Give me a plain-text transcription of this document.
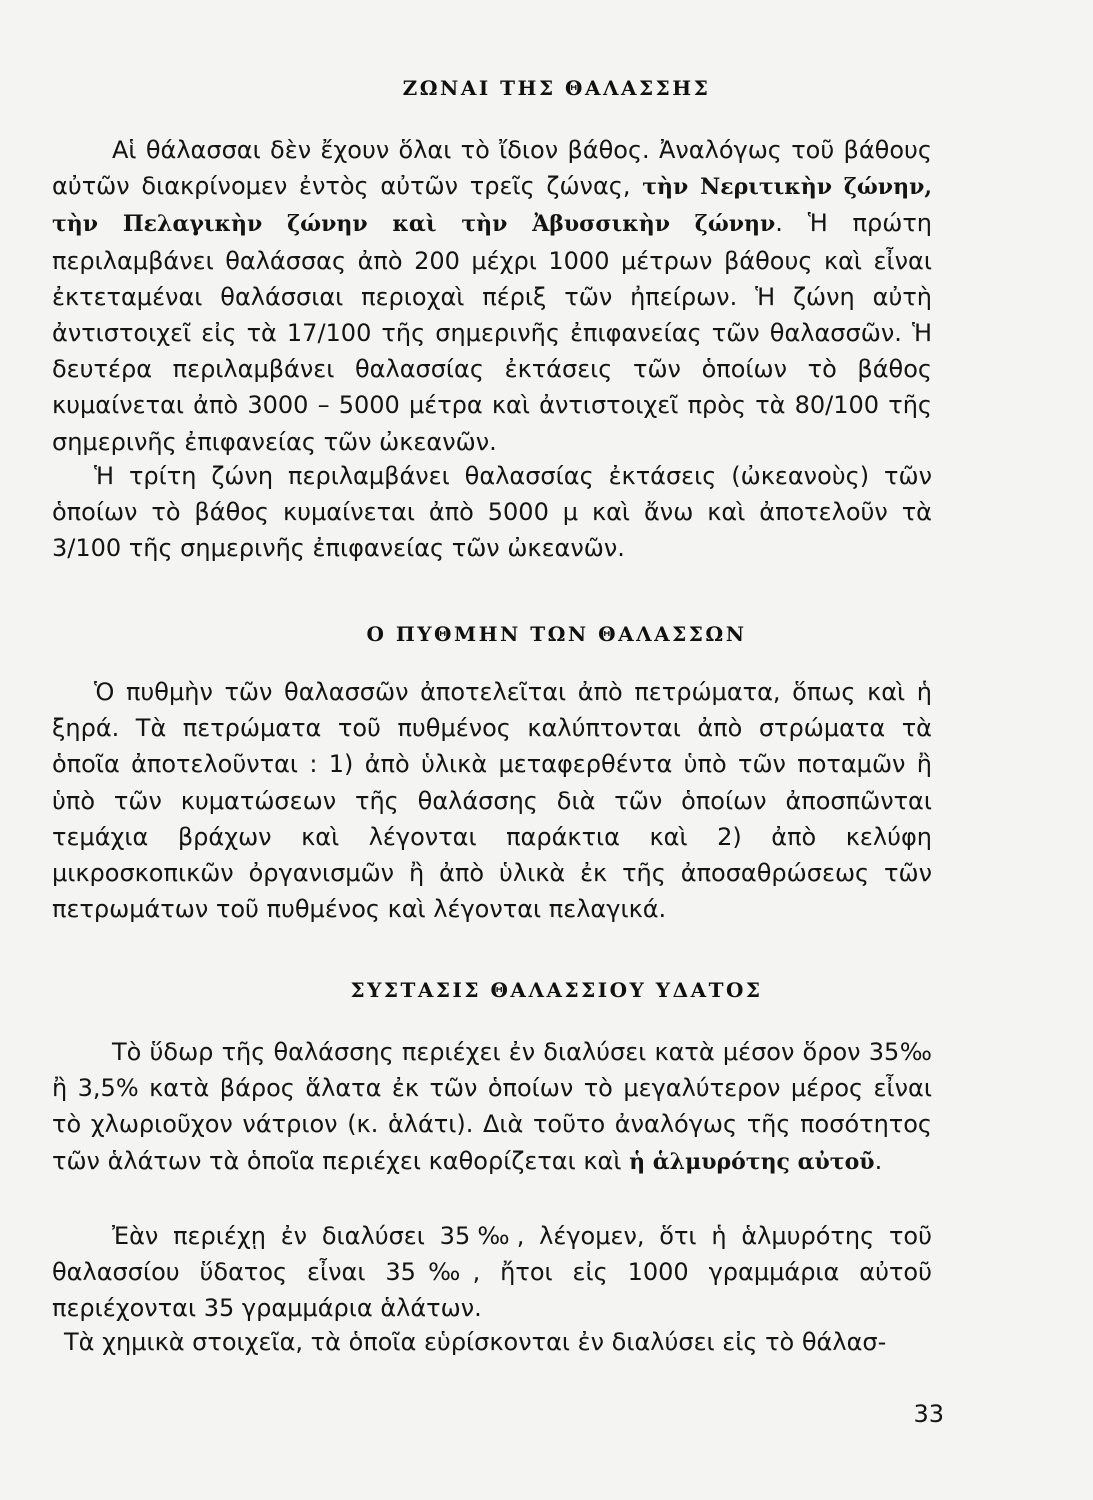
ΖΩΝΑΙ ΤΗΣ ΘΑΛΑΣΣΗΣ

Αἱ θάλασσαι δὲν ἔχουν ὅλαι τὸ ἴδιον βάθος. Ἀναλόγως τοῦ βάθους αὐτῶν διακρίνομεν ἐντὸς αὐτῶν τρεῖς ζώνας, τὴν Νεριτικὴν ζώνην, τὴν Πελαγικὴν ζώνην καὶ τὴν Ἀβυσσικὴν ζώνην. Ἡ πρώτη περιλαμβάνει θαλάσσας ἀπὸ 200 μέχρι 1000 μέτρων βάθους καὶ εἶναι ἐκτεταμέναι θαλάσσιαι περιοχαὶ πέριξ τῶν ἠπείρων. Ἡ ζώνη αὐτὴ ἀντιστοιχεῖ εἰς τὰ 17/100 τῆς σημερινῆς ἐπιφανείας τῶν θαλασσῶν. Ἡ δευτέρα περιλαμβάνει θαλασσίας ἐκτάσεις τῶν ὁποίων τὸ βάθος κυμαίνεται ἀπὸ 3000 – 5000 μέτρα καὶ ἀντιστοιχεῖ πρὸς τὰ 80/100 τῆς σημερινῆς ἐπιφανείας τῶν ὠκεανῶν.

Ἡ τρίτη ζώνη περιλαμβάνει θαλασσίας ἐκτάσεις (ὠκεανοὺς) τῶν ὁποίων τὸ βάθος κυμαίνεται ἀπὸ 5000 μ καὶ ἄνω καὶ ἀποτελοῦν τὰ 3/100 τῆς σημερινῆς ἐπιφανείας τῶν ὠκεανῶν.

Ο ΠΥΘΜΗΝ ΤΩΝ ΘΑΛΑΣΣΩΝ

Ὁ πυθμὴν τῶν θαλασσῶν ἀποτελεῖται ἀπὸ πετρώματα, ὅπως καὶ ἡ ξηρά. Τὰ πετρώματα τοῦ πυθμένος καλύπτονται ἀπὸ στρώματα τὰ ὁποῖα ἀποτελοῦνται : 1) ἀπὸ ὑλικὰ μεταφερθέντα ὑπὸ τῶν ποταμῶν ἢ ὑπὸ τῶν κυματώσεων τῆς θαλάσσης διὰ τῶν ὁποίων ἀποσπῶνται τεμάχια βράχων καὶ λέγονται παράκτια καὶ 2) ἀπὸ κελύφη μικροσκοπικῶν ὀργανισμῶν ἢ ἀπὸ ὑλικὰ ἐκ τῆς ἀποσαθρώσεως τῶν πετρωμάτων τοῦ πυθμένος καὶ λέγονται πελαγικά.

ΣΥΣΤΑΣΙΣ ΘΑΛΑΣΣΙΟΥ ΥΔΑΤΟΣ

Τὸ ὕδωρ τῆς θαλάσσης περιέχει ἐν διαλύσει κατὰ μέσον ὅρον 35‰ ἢ 3,5% κατὰ βάρος ἅλατα ἐκ τῶν ὁποίων τὸ μεγαλύτερον μέρος εἶναι τὸ χλωριοῦχον νάτριον (κ. ἁλάτι). Διὰ τοῦτο ἀναλόγως τῆς ποσότητος τῶν ἁλάτων τὰ ὁποῖα περιέχει καθορίζεται καὶ ἡ ἁλμυρότης αὐτοῦ.

Ἐὰν περιέχῃ ἐν διαλύσει 35‰, λέγομεν, ὅτι ἡ ἁλμυρότης τοῦ θαλασσίου ὕδατος εἶναι 35‰, ἤτοι εἰς 1000 γραμμάρια αὐτοῦ περιέχονται 35 γραμμάρια ἁλάτων.

Τὰ χημικὰ στοιχεῖα, τὰ ὁποῖα εὑρίσκονται ἐν διαλύσει εἰς τὸ θάλασ-

33
